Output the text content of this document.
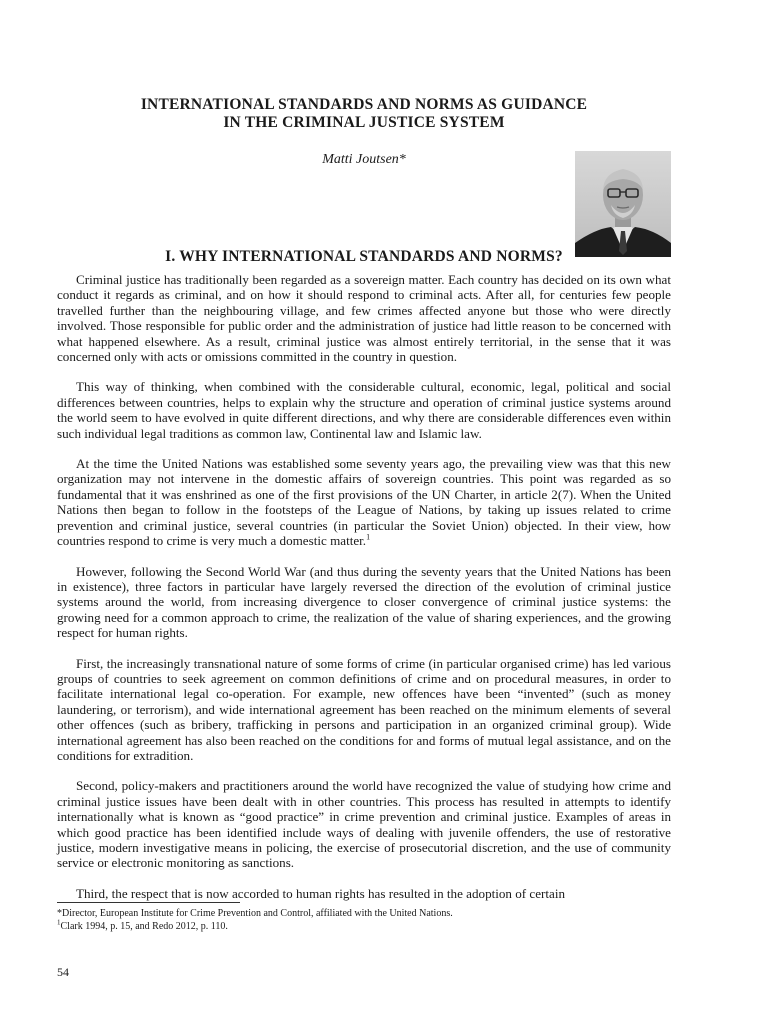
INTERNATIONAL STANDARDS AND NORMS AS GUIDANCE
IN THE CRIMINAL JUSTICE SYSTEM
Matti Joutsen*
I. WHY INTERNATIONAL STANDARDS AND NORMS?

Criminal justice has traditionally been regarded as a sovereign matter. Each country has decided on its own what conduct it regards as criminal, and on how it should respond to criminal acts. After all, for centuries few people travelled further than the neighbouring village, and few crimes affected anyone but those who were directly involved. Those responsible for public order and the administration of justice had little reason to be concerned with what happened elsewhere. As a result, criminal justice was almost entirely territorial, in the sense that it was concerned only with acts or omissions committed in the country in question.

This way of thinking, when combined with the considerable cultural, economic, legal, political and social differences between countries, helps to explain why the structure and operation of criminal justice systems around the world seem to have evolved in quite different directions, and why there are considerable differences even within such individual legal traditions as common law, Continental law and Islamic law.

At the time the United Nations was established some seventy years ago, the prevailing view was that this new organization may not intervene in the domestic affairs of sovereign countries. This point was regarded as so fundamental that it was enshrined as one of the first provisions of the UN Charter, in article 2(7). When the United Nations then began to follow in the footsteps of the League of Nations, by taking up issues related to crime prevention and criminal justice, several countries (in particular the Soviet Union) objected. In their view, how countries respond to crime is very much a domestic matter.$^1$

However, following the Second World War (and thus during the seventy years that the United Nations has been in existence), three factors in particular have largely reversed the direction of the evolution of criminal justice systems around the world, from increasing divergence to closer convergence of criminal justice systems: the growing need for a common approach to crime, the realization of the value of sharing experiences, and the growing respect for human rights.

First, the increasingly transnational nature of some forms of crime (in particular organised crime) has led various groups of countries to seek agreement on common definitions of crime and on procedural measures, in order to facilitate international legal co-operation. For example, new offences have been “invented” (such as money laundering, or terrorism), and wide international agreement has been reached on the minimum elements of several other offences (such as bribery, trafficking in persons and participation in an organized criminal group). Wide international agreement has also been reached on the conditions for and forms of mutual legal assistance, and on the conditions for extradition.

Second, policy-makers and practitioners around the world have recognized the value of studying how crime and criminal justice issues have been dealt with in other countries. This process has resulted in attempts to identify internationally what is known as “good practice” in crime prevention and criminal justice. Examples of areas in which good practice has been identified include ways of dealing with juvenile offenders, the use of restorative justice, modern investigative means in policing, the exercise of prosecutorial discretion, and the use of community service or electronic monitoring as sanctions.

Third, the respect that is now accorded to human rights has resulted in the adoption of certain

*Director, European Institute for Crime Prevention and Control, affiliated with the United Nations.
$^1$Clark 1994, p. 15, and Redo 2012, p. 110.
54
